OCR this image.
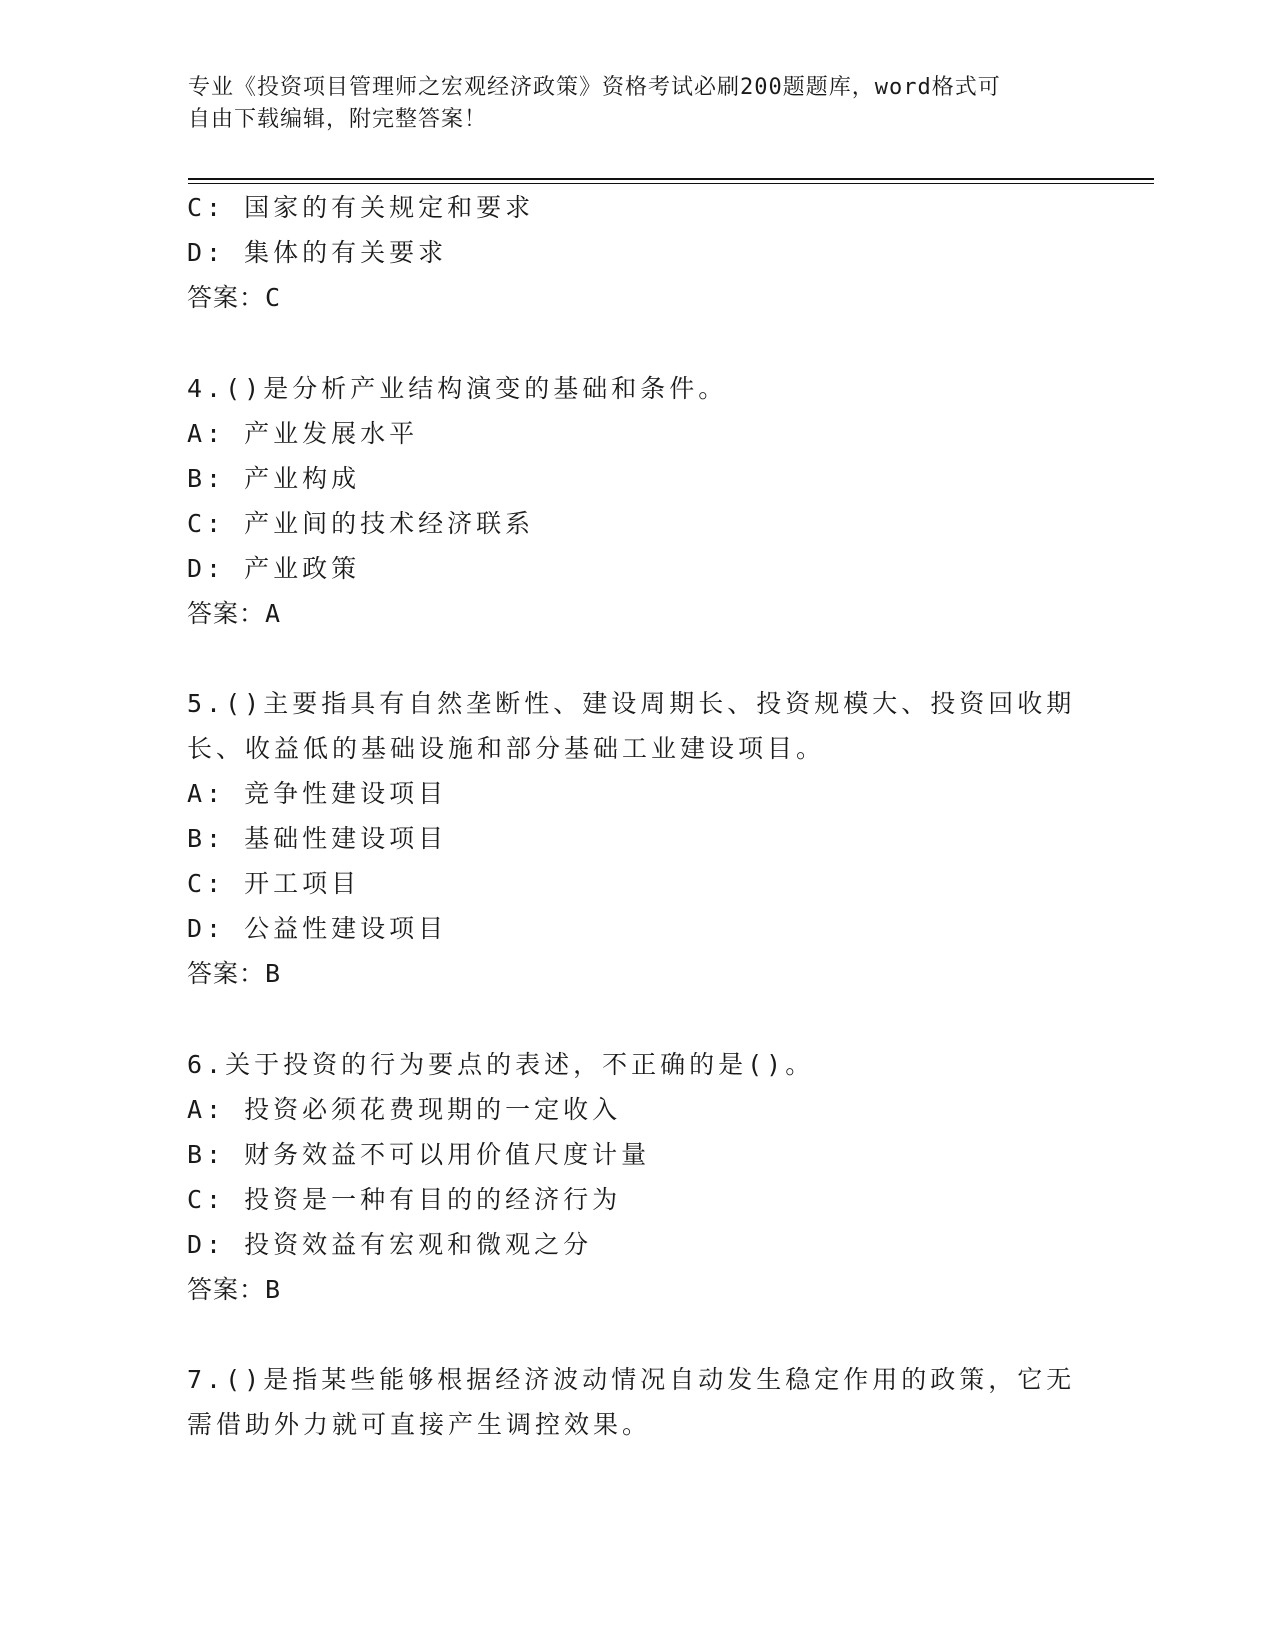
专业《投资项目管理师之宏观经济政策》资格考试必刷200题题库，word格式可
自由下载编辑，附完整答案！
C: 国家的有关规定和要求
D: 集体的有关要求
答案：C
4.()是分析产业结构演变的基础和条件。
A: 产业发展水平
B: 产业构成
C: 产业间的技术经济联系
D: 产业政策
答案：A
5.()主要指具有自然垄断性、建设周期长、投资规模大、投资回收期
长、收益低的基础设施和部分基础工业建设项目。
A: 竞争性建设项目
B: 基础性建设项目
C: 开工项目
D: 公益性建设项目
答案：B
6.关于投资的行为要点的表述，不正确的是()。
A: 投资必须花费现期的一定收入
B: 财务效益不可以用价值尺度计量
C: 投资是一种有目的的经济行为
D: 投资效益有宏观和微观之分
答案：B
7.()是指某些能够根据经济波动情况自动发生稳定作用的政策，它无
需借助外力就可直接产生调控效果。
